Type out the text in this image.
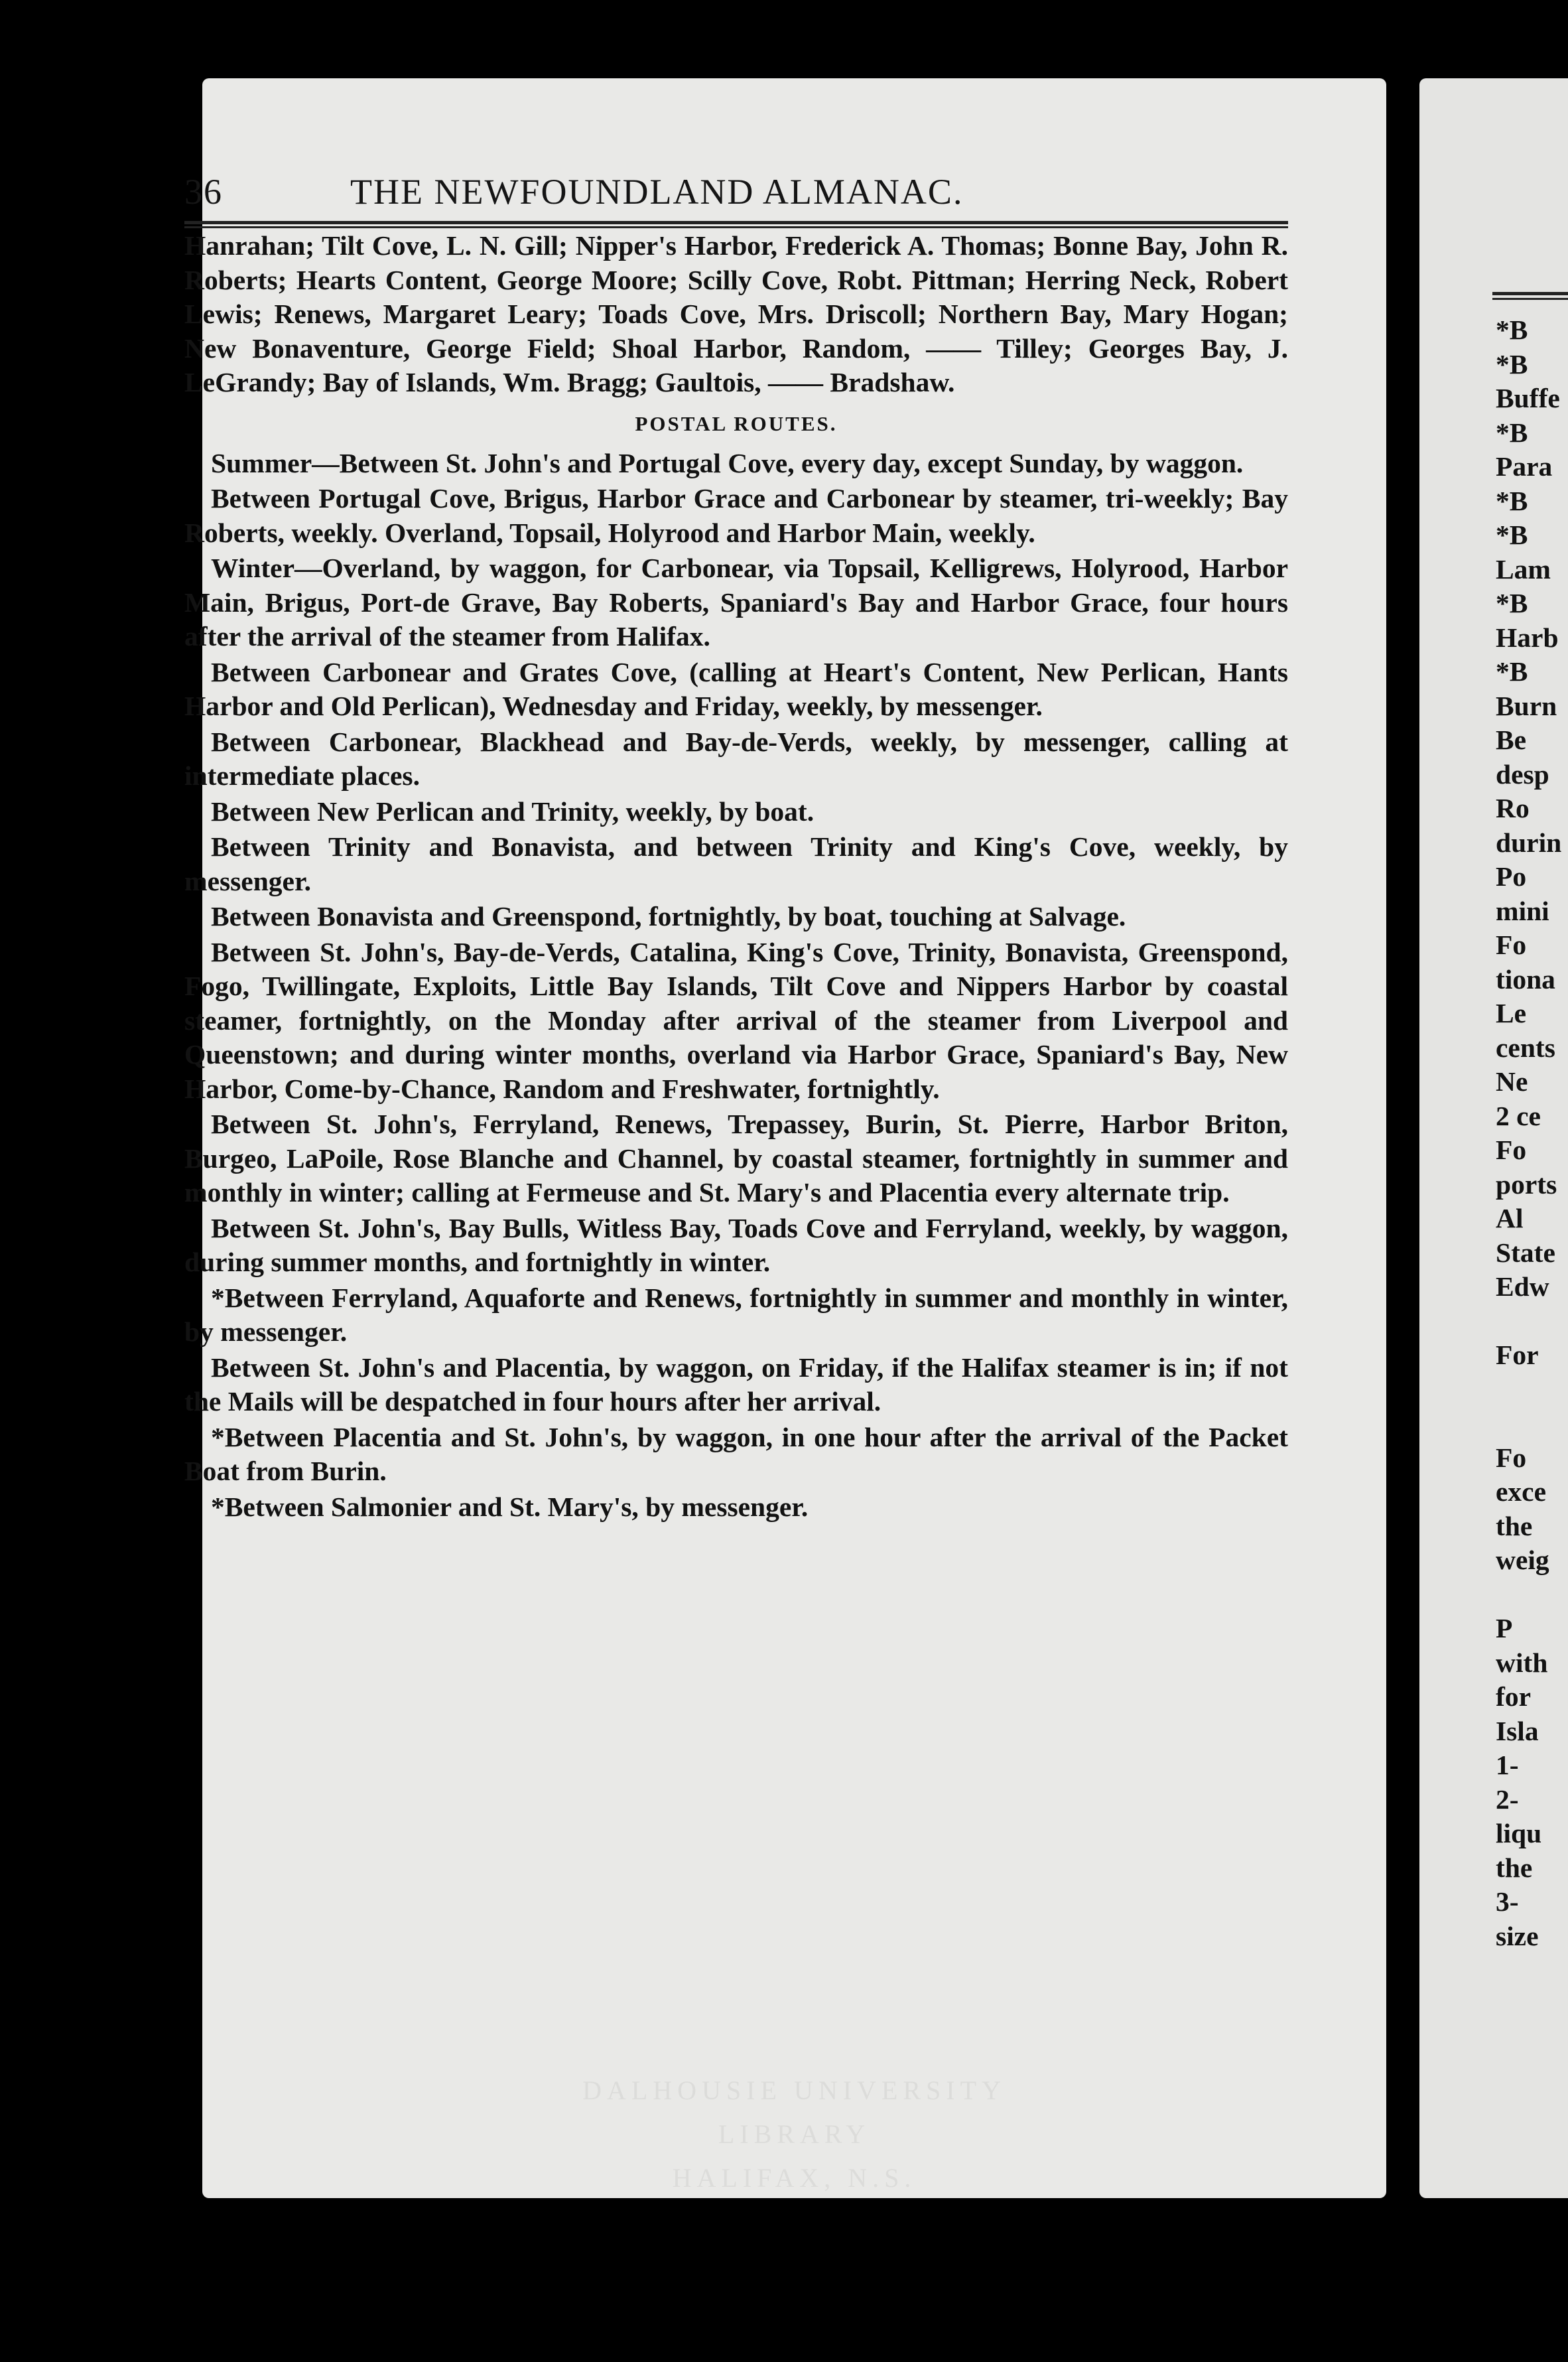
DALHOUSIE UNIVERSITY
LIBRARY
HALIFAX, N.S.
36	THE NEWFOUNDLAND ALMANAC.

Hanrahan; Tilt Cove, L. N. Gill; Nipper's Harbor, Frederick A. Thomas; Bonne Bay, John R. Roberts; Hearts Content, George Moore; Scilly Cove, Robt. Pittman; Herring Neck, Robert Lewis; Renews, Margaret Leary; Toads Cove, Mrs. Driscoll; Northern Bay, Mary Hogan; New Bonaventure, George Field; Shoal Harbor, Random, —— Tilley; Georges Bay, J. LeGrandy; Bay of Islands, Wm. Bragg; Gaultois, —— Bradshaw.

POSTAL ROUTES.

Summer—Between St. John's and Portugal Cove, every day, except Sunday, by waggon.

Between Portugal Cove, Brigus, Harbor Grace and Carbonear by steamer, tri-weekly; Bay Roberts, weekly. Overland, Topsail, Holyrood and Harbor Main, weekly.

Winter—Overland, by waggon, for Carbonear, via Topsail, Kelligrews, Holyrood, Harbor Main, Brigus, Port-de Grave, Bay Roberts, Spaniard's Bay and Harbor Grace, four hours after the arrival of the steamer from Halifax.

Between Carbonear and Grates Cove, (calling at Heart's Content, New Perlican, Hants Harbor and Old Perlican), Wednesday and Friday, weekly, by messenger.

Between Carbonear, Blackhead and Bay-de-Verds, weekly, by messenger, calling at intermediate places.

Between New Perlican and Trinity, weekly, by boat.

Between Trinity and Bonavista, and between Trinity and King's Cove, weekly, by messenger.

Between Bonavista and Greenspond, fortnightly, by boat, touching at Salvage.

Between St. John's, Bay-de-Verds, Catalina, King's Cove, Trinity, Bonavista, Greenspond, Fogo, Twillingate, Exploits, Little Bay Islands, Tilt Cove and Nippers Harbor by coastal steamer, fortnightly, on the Monday after arrival of the steamer from Liverpool and Queenstown; and during winter months, overland via Harbor Grace, Spaniard's Bay, New Harbor, Come-by-Chance, Random and Freshwater, fortnightly.

Between St. John's, Ferryland, Renews, Trepassey, Burin, St. Pierre, Harbor Briton, Burgeo, LaPoile, Rose Blanche and Channel, by coastal steamer, fortnightly in summer and monthly in winter; calling at Fermeuse and St. Mary's and Placentia every alternate trip.

Between St. John's, Bay Bulls, Witless Bay, Toads Cove and Ferryland, weekly, by waggon, during summer months, and fortnightly in winter.

*Between Ferryland, Aquaforte and Renews, fortnightly in summer and monthly in winter, by messenger.

Between St. John's and Placentia, by waggon, on Friday, if the Halifax steamer is in; if not the Mails will be despatched in four hours after her arrival.

*Between Placentia and St. John's, by waggon, in one hour after the arrival of the Packet Boat from Burin.

*Between Salmonier and St. Mary's, by messenger.

*B
*B
Buffe
*B
Para
*B
*B
Lam
*B
Harb
*B
Burn
Be
desp
Ro
durin
Po
mini
Fo
tiona
Le
cents
Ne
2 ce
Fo
ports
Al
State
Edw
For
Fo
exce
the
weig
P
with
for
Isla
1-
2-
liqu
the
3-
size
